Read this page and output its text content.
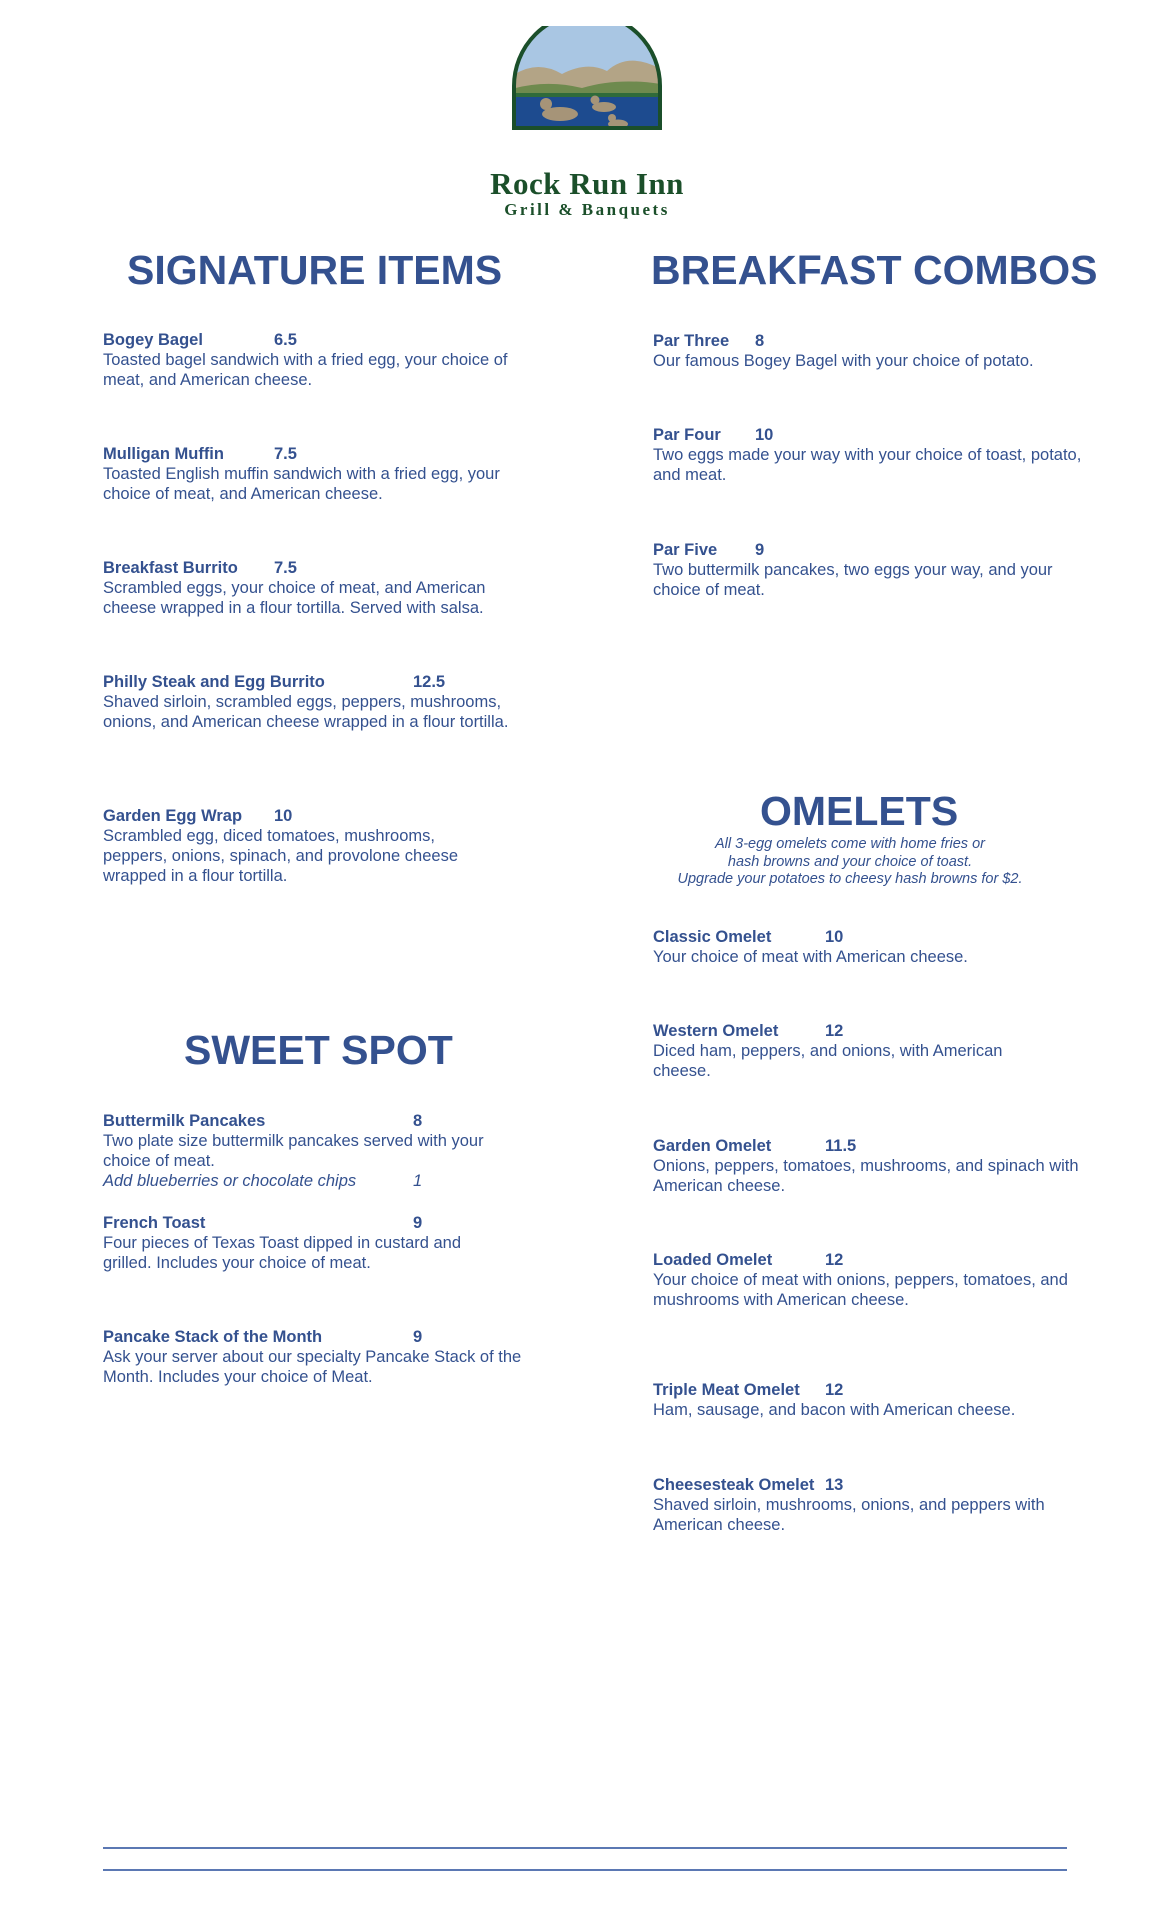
Rock Run Inn
Grill & Banquets
SIGNATURE ITEMS
Bogey Bagel	6.5

Toasted bagel sandwich with a fried egg, your choice of meat, and American cheese.

Mulligan Muffin	7.5

Toasted English muffin sandwich with a fried egg, your choice of meat, and American cheese.

Breakfast Burrito 7.5

Scrambled eggs, your choice of meat, and American cheese wrapped in a flour tortilla. Served with salsa.

Philly Steak and Egg Burrito	12.5

Shaved sirloin, scrambled eggs, peppers, mushrooms, onions, and American cheese wrapped in a flour tortilla.

Garden Egg Wrap 10

Scrambled egg, diced tomatoes, mushrooms, peppers, onions, spinach, and provolone cheese wrapped in a flour tortilla.

BREAKFAST COMBOS
Par Three 8

Our famous Bogey Bagel with your choice of potato.

Par Four 10

Two eggs made your way with your choice of toast, potato, and meat.

Par Five 9

Two buttermilk pancakes, two eggs your way, and your choice of meat.

SWEET SPOT
Buttermilk Pancakes	8

Two plate size buttermilk pancakes served with your choice of meat.

Add blueberries or chocolate chips	1
French Toast	9

Four pieces of Texas Toast dipped in custard and grilled. Includes your choice of meat.

Pancake Stack of the Month	9

Ask your server about our specialty Pancake Stack of the Month. Includes your choice of Meat.

OMELETS
All 3-egg omelets come with home fries or
hash browns and your choice of toast.
Upgrade your potatoes to cheesy hash browns for $2.
Classic Omelet	10

Your choice of meat with American cheese.

Western Omelet	12

Diced ham, peppers, and onions, with American cheese.

Garden Omelet	11.5

Onions, peppers, tomatoes, mushrooms, and spinach with American cheese.

Loaded Omelet	12

Your choice of meat with onions, peppers, tomatoes, and mushrooms with American cheese.

Triple Meat Omelet 12

Ham, sausage, and bacon with American cheese.

Cheesesteak Omelet 13

Shaved sirloin, mushrooms, onions, and peppers with American cheese.
